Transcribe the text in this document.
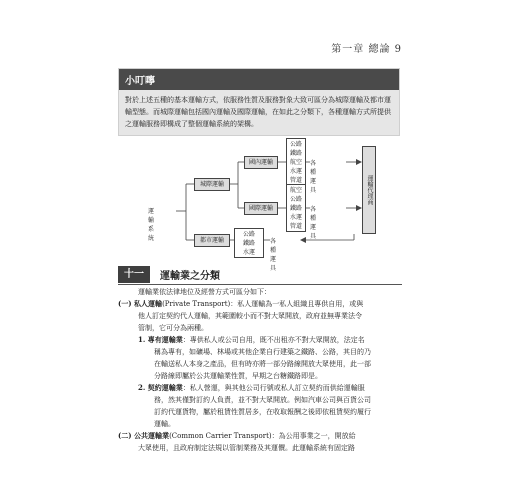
第一章 總論 9
小叮嚀
對於上述五種的基本運輸方式，依服務性質及服務對象大致可區分為城際運輸及都市運輸型態。而城際運輸包括國內運輸及國際運輸，在如此之分類下，各種運輸方式所提供之運輸服務即構成了整個運輸系統的架構。
運輸系統
城際運輸
國內運輸
國際運輸
都市運輸
公路
鐵路
航空
水運
管道
航空
公路
鐵路
水運
管道
公路
鐵路
水運
各種運具
各種運具
各種運具
運輸代理商
十一	運輸業之分類

運輸業依法律地位及經營方式可區分如下：

(一) 私人運輸(Private Transport)：私人運輸為一私人組織且專供自用，或與

他人訂定契約代人運輸，其範圍較小而不對大眾開放，政府並無專業法令

管制，它可分為兩種。

1. 專有運輸業：專供私人或公司自用，既不出租亦不對大眾開放，法定名

稱為專有，如礦場、林場或其他企業自行建築之鐵路、公路，其目的乃

在輸送私人本身之產品，但有時亦將一部分路線開放大眾使用，此一部

分路線即屬於公共運輸業性質，早期之台糖鐵路即是。

2. 契約運輸業：私人營運，與其他公司行號或私人訂立契約而供給運輸服

務，然其僅對訂約人負責，並不對大眾開放。例如汽車公司與百貨公司

訂約代運貨物，屬於租賃性質居多，在收取報酬之後即依租賃契約履行

運輸。

(二) 公共運輸業(Common Carrier Transport)：為公用事業之一，開放給

大眾使用，且政府制定法規以管制業務及其運價。此運輸系統有固定路
